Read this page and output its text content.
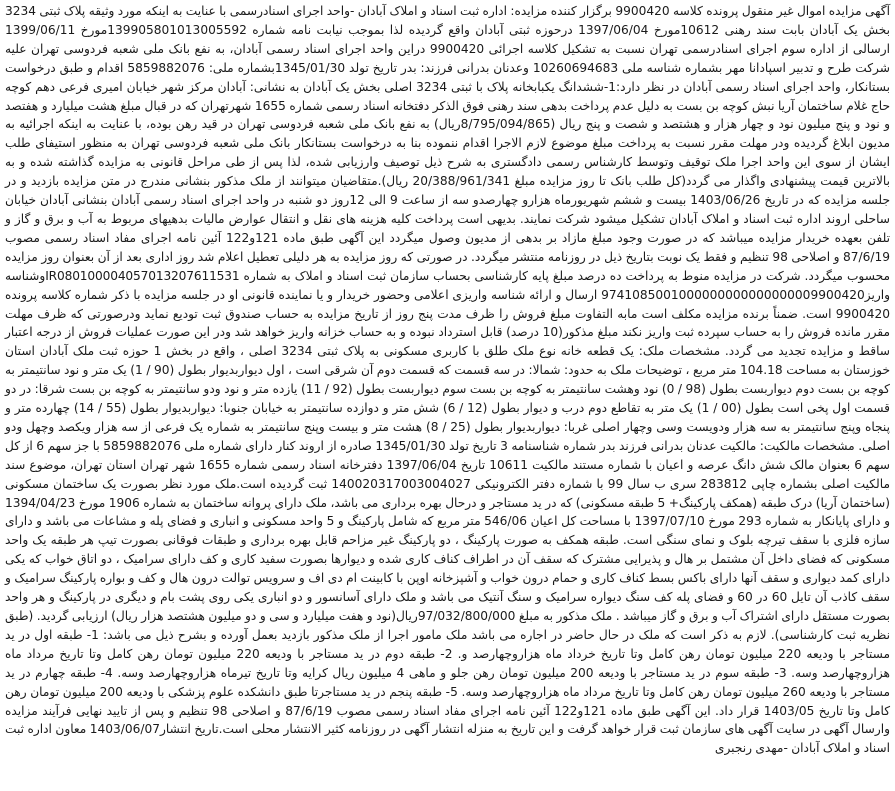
آگهی مزایده اموال غیر منقول پرونده کلاسه 9900420 برگزار کننده مزایده: اداره ثبت اسناد و املاک آبادان -واحد اجرای اسنادرسمی با عنایت به اینکه مورد وثیقه پلاک ثبتی 3234 بخش یک آبادان بابت سند رهنی 10612مورخ 1397/06/04 درحوزه ثبتی آبادان واقع گردیده لذا بموجب نیابت نامه شماره 139905801013005592مورخ 1399/06/11 ارسالی از اداره سوم اجرای اسنادرسمی تهران نسبت به تشکیل کلاسه اجرائی 9900420 دراین واحد اجرای اسناد رسمی آبادان، به نفع بانک ملی شعبه فردوسی تهران علیه شرکت طرح و تدبیر اسپادانا مهر بشماره شناسه ملی 10260694683 وعدنان بدرانی فرزند: بدر تاریخ تولد 1345/01/30بشماره ملی: 5859882076 اقدام و طبق درخواست بستانکار، واحد اجرای اسناد رسمی آبادان در نظر دارد:1-ششدانگ یکبابخانه پلاک با ثبتی 3234 اصلی بخش یک آبادان به نشانی: آبادان مرکز شهر خیابان امیری فرعی دهم کوچه حاج غلام ساختمان آریا نبش کوچه بن بست به دلیل عدم پرداخت بدهی سند رهنی فوق الذکر دفتخانه اسناد رسمی شماره 1655 شهرتهران که در قبال مبلغ هشت میلیارد و هفتصد و نود و پنج میلیون نود و چهار هزار و هشتصد و شصت و پنج ریال (8/795/094/865ریال) به نفع بانک ملی شعبه فردوسی تهران در قید رهن بوده، با عنایت به اینکه اجرائیه به مدیون ابلاغ گردیده ودر مهلت مقرر نسبت به پرداخت مبلغ موضوع لازم الاجرا اقدام ننموده بنا به درخواست بستانکار بانک ملی شعبه فردوسی تهران به منظور استیفای طلب ایشان از سوی این واحد اجرا ملک توقیف وتوسط کارشناس رسمی دادگستری به شرح ذیل توصیف وارزیابی شده، لذا پس از طی مراحل قانونی به مزایده گذاشته شده و به بالاترین قیمت پیشنهادی واگذار می گردد(کل طلب بانک تا روز مزایده مبلغ 20/388/961/341 ریال).متقاضیان میتوانند از ملک مذکور بنشانی مندرج در متن مزایده بازدید و در جلسه مزایده که در تاریخ 1403/06/26 بیست و ششم شهریورماه هزارو چهارصدو سه از ساعت 9 الی 12روز دو شنبه در واحد اجرای اسناد رسمی آبادان بنشانی آبادان خیابان ساحلی اروند اداره ثبت اسناد و املاک آبادان تشکیل میشود شرکت نمایند. بدیهی است پرداخت کلیه هزینه های نقل و انتقال عوارض مالیات بدهیهای مربوط به آب و برق و گاز و تلفن بعهده خریدار مزایده میباشد که در صورت وجود مبلغ مازاد بر بدهی از مدیون وصول میگردد این آگهی طبق ماده 121و122 آئین نامه اجرای مفاد اسناد رسمی مصوب 87/6/19 و اصلاحی 98 تنظیم و فقط یک نوبت بتاریخ ذیل در روزنامه منتشر میگردد. در صورتی که روز مزایده به هر دلیلی تعطیل اعلام شد روز اداری بعد از آن بعنوان روز مزایده محسوب میگردد. شرکت در مزایده منوط به پرداخت ده درصد مبلغ پایه کارشناسی بحساب سازمان ثبت اسناد و املاک به شماره IR080100004057013207611531وشناسه واریز9741085001000000000000000009900420 ارسال و ارائه شناسه واریزی اعلامی وحضور خریدار و یا نماینده قانونی او در جلسه مزایده با ذکر شماره کلاسه پرونده 9900420 است. ضمناً برنده مزایده مکلف است مابه التفاوت مبلغ فروش را ظرف مدت پنج روز از تاریخ مزایده به حساب صندوق ثبت تودیع نماید ودرصورتی که ظرف مهلت مقرر مانده فروش را به حساب سپرده ثبت واریز نکند مبلغ مذکور(10 درصد) قابل استرداد نبوده و به حساب خزانه واریز خواهد شد ودر این صورت عملیات فروش از درجه اعتبار ساقط و مزایده تجدید می گردد. مشخصات ملک: یک قطعه خانه نوع ملک طلق با کاربری مسکونی به پلاک ثبتی 3234 اصلی ، واقع در بخش 1 حوزه ثبت ملک آبادان استان خوزستان به مساحت 104.18 متر مربع ، توضیحات ملک به حدود: شمالا: در سه قسمت که قسمت دوم آن شرقی است ، اول دیواربدیوار بطول (90 / 1) یک متر و نود سانتیمتر به کوچه بن بست دوم دیواربست بطول (98 / 0) نود وهشت سانتیمتر به کوچه بن بست سوم دیواربست بطول (92 / 11) یازده متر و نود ودو سانتیمتر به کوچه بن بست شرقا: در دو قسمت اول پخی است بطول (00 / 1) یک متر به تقاطع دوم درب و دیوار بطول (12 / 6) شش متر و دوازده سانتیمتر به خیابان جنوبا: دیواربدیوار بطول (55 / 14) چهارده متر و پنجاه وپنج سانتیمتر به سه هزار ودویست وسی وچهار اصلی غربا: دیواربدیوار بطول (25 / 8) هشت متر و بیست وپنج سانتیمتر به شماره یک فرعی از سه هزار ویکصد وچهل ودو اصلی. مشخصات مالکیت: مالکیت عدنان بدرانی فرزند بدر شماره شناسنامه 3 تاریخ تولد 1345/01/30 صادره از اروند کنار دارای شماره ملی 5859882076 با جز سهم 6 از کل سهم 6 بعنوان مالک شش دانگ عرصه و اعیان با شماره مستند مالکیت 10611 تاریخ 1397/06/04 دفترخانه اسناد رسمی شماره 1655 شهر تهران استان تهران، موضوع سند مالکیت اصلی بشماره چاپی 283812 سری ب سال 99 با شماره دفتر الکترونیکی 140020317003004027 ثبت گردیده است.ملک مورد نظر بصورت یک ساختمان مسکونی (ساختمان آریا) درک طبقه (همکف پارکینگ+ 5 طبقه مسکونی) که در ید مستاجر و درحال بهره برداری می باشد، ملک دارای پروانه ساختمان به شماره 1906 مورخ 1394/04/23 و دارای پایانکار به شماره 293 مورخ 1397/07/10 با مساحت کل اعیان 546/06 متر مربع که شامل پارکینگ و 5 واحد مسکونی و انباری و فضای پله و مشاعات می باشد و دارای سازه فلزی با سقف تیرچه بلوک و نمای سنگی است. طبقه همکف به صورت پارکینگ ، دو پارکینگ غیر مزاحم قابل بهره برداری و طبقات فوقانی بصورت تیپ هر طبقه یک واحد مسکونی که فضای داخل آن مشتمل بر هال و پذیرایی مشترک که سقف آن در اطراف کناف کاری شده و دیوارها بصورت سفید کاری و کف دارای سرامیک ، دو اتاق خواب که یکی دارای کمد دیواری و سقف آنها دارای باکس بسط کناف کاری و حمام درون خواب و آشپزخانه اوپن با کابینت ام دی اف و سرویس توالت درون هال و کف و بواره پارکینگ سرامیک و سقف کاذب آن تایل 60 در 60 و فضای پله کف سنگ دیواره سرامیک و سنگ آنتیک می باشد و ملک دارای آسانسور و دو انباری یکی روی پشت بام و دیگری در پارکینگ و هر واحد بصورت مستقل دارای اشتراک آب و برق و گاز میباشد . ملک مذکور به مبلغ 97/032/800/000ریال(نود و هفت میلیارد و سی و دو میلیون هشتصد هزار ریال) ارزیابی گردید. (طبق نظریه ثبت کارشناسی). لازم به ذکر است که ملک در حال حاضر در اجاره می باشد ملک مامور اجرا از ملک مذکور بازدید بعمل آورده و بشرح ذیل می باشد: 1- طبقه اول در ید مستاجر با ودیعه 220 میلیون تومان رهن کامل وتا تاریخ خرداد ماه هزاروچهارصد و. 2- طبقه دوم در ید مستاجر با ودیعه 220 میلیون تومان رهن کامل وتا تاریخ مرداد ماه هزاروچهارصد وسه. 3- طبقه سوم در ید مستاجر با ودیعه 200 میلیون تومان رهن جلو و ماهی 4 میلیون ریال کرایه وتا تاریخ تیرماه هزاروچهارصد وسه. 4- طبقه چهارم در ید مستاجر با ودیعه 260 میلیون تومان رهن کامل وتا تاریخ مرداد ماه هزاروچهارصد وسه. 5- طبقه پنجم در ید مستاجرتا طبق دانشکده علوم پزشکی با ودیعه 200 میلیون تومان رهن کامل وتا تاریخ 1403/05 قرار داد. این آگهی طبق ماده 121و122 آئین نامه اجرای مفاد اسناد رسمی مصوب 87/6/19 و اصلاحی 98 تنظیم و پس از تایید نهایی فرآیند مزایده وارسال آگهی در سایت آگهی های سازمان ثبت قرار خواهد گرفت و این تاریخ به منزله انتشار آگهی در روزنامه کثیر الانتشار محلی است.تاریخ انتشار1403/06/07 معاون اداره ثبت اسناد و املاک آبادان -مهدی رنجبری
